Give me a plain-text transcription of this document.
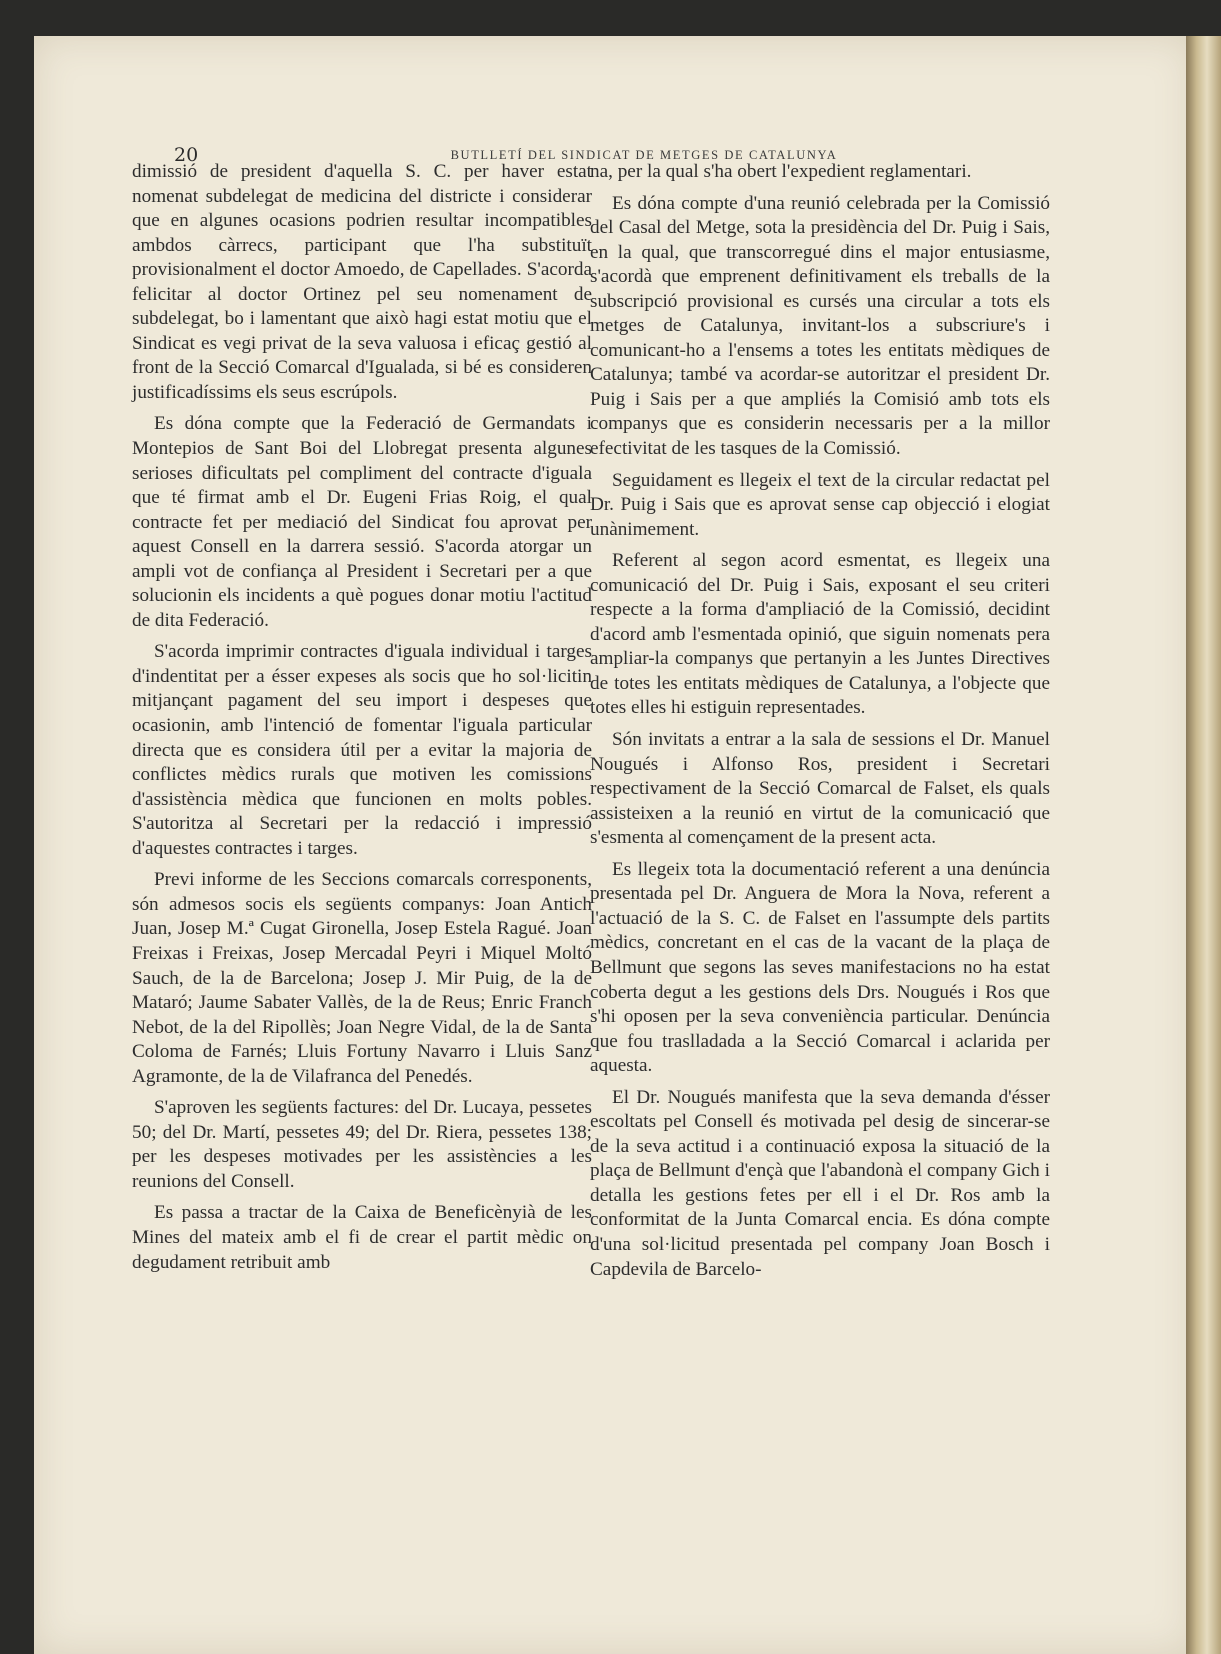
20	BUTLLETÍ DEL SINDICAT DE METGES DE CATALUNYA

dimissió de president d'aquella S. C. per haver estat nomenat subdelegat de medicina del districte i considerar que en algunes ocasions podrien resultar incompatibles ambdos càrrecs, participant que l'ha substituït provisionalment el doctor Amoedo, de Capellades. S'acorda felicitar al doctor Ortinez pel seu nomenament de subdelegat, bo i lamentant que això hagi estat motiu que el Sindicat es vegi privat de la seva valuosa i eficaç gestió al front de la Secció Comarcal d'Igualada, si bé es consideren justificadíssims els seus escrúpols.

Es dóna compte que la Federació de Germandats i Montepios de Sant Boi del Llobregat presenta algunes serioses dificultats pel compliment del contracte d'iguala que té firmat amb el Dr. Eugeni Frias Roig, el qual contracte fet per mediació del Sindicat fou aprovat per aquest Consell en la darrera sessió. S'acorda atorgar un ampli vot de confiança al President i Secretari per a que solucionin els incidents a què pogues donar motiu l'actitud de dita Federació.

S'acorda imprimir contractes d'iguala individual i targes d'indentitat per a ésser expeses als socis que ho sol·licitin mitjançant pagament del seu import i despeses que ocasionin, amb l'intenció de fomentar l'iguala particular directa que es considera útil per a evitar la majoria de conflictes mèdics rurals que motiven les comissions d'assistència mèdica que funcionen en molts pobles. S'autoritza al Secretari per la redacció i impressió d'aquestes contractes i targes.

Previ informe de les Seccions comarcals corresponents, són admesos socis els següents companys: Joan Antich Juan, Josep M.ª Cugat Gironella, Josep Estela Ragué. Joan Freixas i Freixas, Josep Mercadal Peyri i Miquel Moltó Sauch, de la de Barcelona; Josep J. Mir Puig, de la de Mataró; Jaume Sabater Vallès, de la de Reus; Enric Franch Nebot, de la del Ripollès; Joan Negre Vidal, de la de Santa Coloma de Farnés; Lluis Fortuny Navarro i Lluis Sanz Agramonte, de la de Vilafranca del Penedés.

S'aproven les següents factures: del Dr. Lucaya, pessetes 50; del Dr. Martí, pessetes 49; del Dr. Riera, pessetes 138; per les despeses motivades per les assistències a les reunions del Consell.

Es passa a tractar de la Caixa de Beneficènyià de les Mines del mateix amb el fi de crear el partit mèdic on degudament retribuit amb

na, per la qual s'ha obert l'expedient reglamentari.

Es dóna compte d'una reunió celebrada per la Comissió del Casal del Metge, sota la presidència del Dr. Puig i Sais, en la qual, que transcorregué dins el major entusiasme, s'acordà que emprenent definitivament els treballs de la subscripció provisional es cursés una circular a tots els metges de Catalunya, invitant-los a subscriure's i comunicant-ho a l'ensems a totes les entitats mèdiques de Catalunya; també va acordar-se autoritzar el president Dr. Puig i Sais per a que ampliés la Comisió amb tots els companys que es considerin necessaris per a la millor efectivitat de les tasques de la Comissió.

Seguidament es llegeix el text de la circular redactat pel Dr. Puig i Sais que es aprovat sense cap objecció i elogiat unànimement.

Referent al segon acord esmentat, es llegeix una comunicació del Dr. Puig i Sais, exposant el seu criteri respecte a la forma d'ampliació de la Comissió, decidint d'acord amb l'esmentada opinió, que siguin nomenats pera ampliar-la companys que pertanyin a les Juntes Directives de totes les entitats mèdiques de Catalunya, a l'objecte que totes elles hi estiguin representades.

Són invitats a entrar a la sala de sessions el Dr. Manuel Nougués i Alfonso Ros, president i Secretari respectivament de la Secció Comarcal de Falset, els quals assisteixen a la reunió en virtut de la comunicació que s'esmenta al començament de la present acta.

Es llegeix tota la documentació referent a una denúncia presentada pel Dr. Anguera de Mora la Nova, referent a l'actuació de la S. C. de Falset en l'assumpte dels partits mèdics, concretant en el cas de la vacant de la plaça de Bellmunt que segons las seves manifestacions no ha estat coberta degut a les gestions dels Drs. Nougués i Ros que s'hi oposen per la seva conveniència particular. Denúncia que fou traslladada a la Secció Comarcal i aclarida per aquesta.

El Dr. Nougués manifesta que la seva demanda d'ésser escoltats pel Consell és motivada pel desig de sincerar-se de la seva actitud i a continuació exposa la situació de la plaça de Bellmunt d'ençà que l'abandonà el company Gich i detalla les gestions fetes per ell i el Dr. Ros amb la conformitat de la Junta Comarcal encia. Es dóna compte d'una sol·licitud presentada pel company Joan Bosch i Capdevila de Barcelo-
